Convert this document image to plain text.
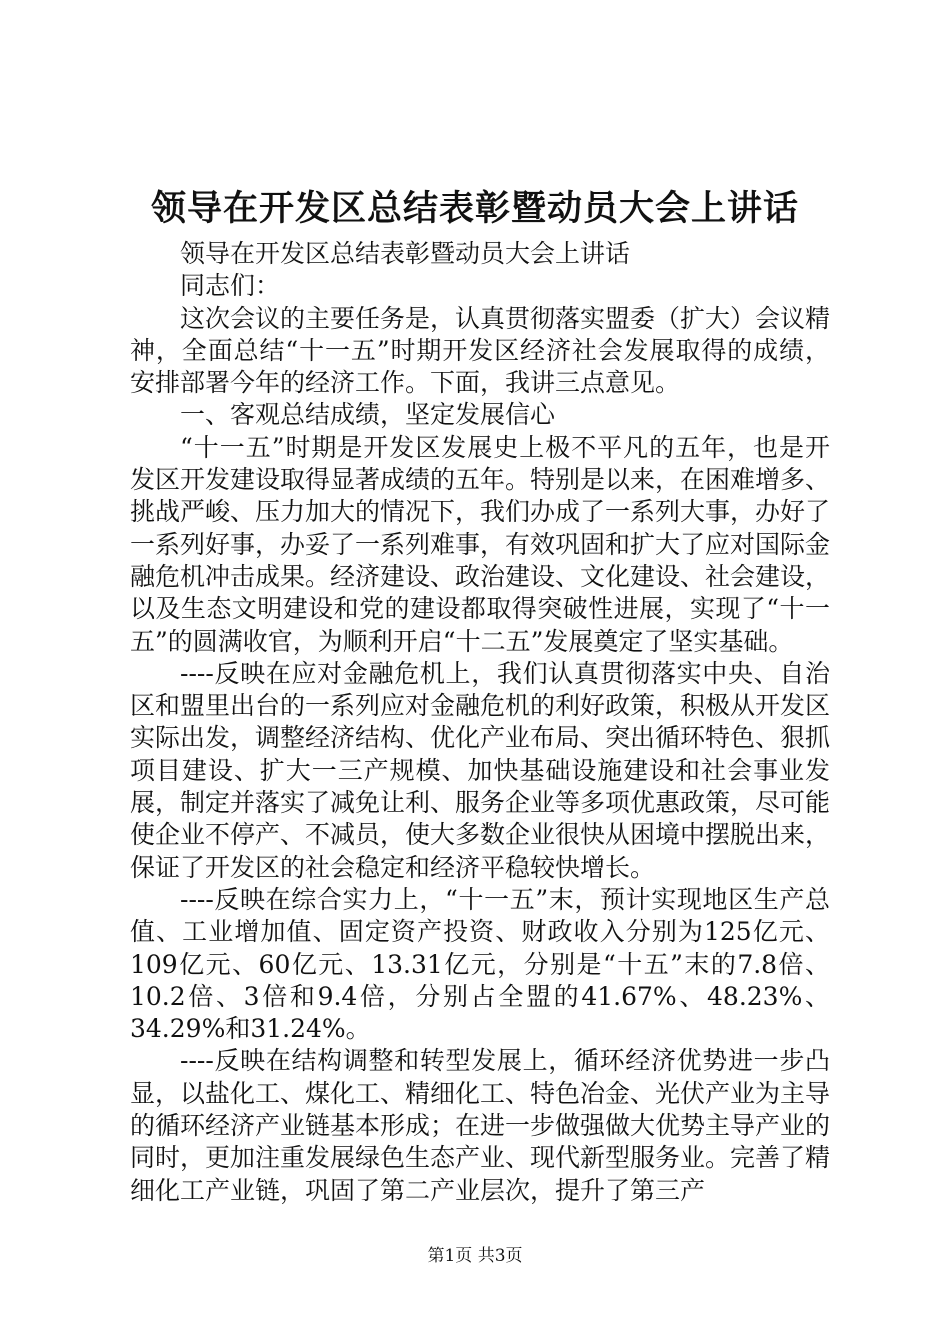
领导在开发区总结表彰暨动员大会上讲话

领导在开发区总结表彰暨动员大会上讲话

同志们：

这次会议的主要任务是，认真贯彻落实盟委（扩大）会议精神，全面总结“十一五”时期开发区经济社会发展取得的成绩，安排部署今年的经济工作。下面，我讲三点意见。

一、客观总结成绩，坚定发展信心

“十一五”时期是开发区发展史上极不平凡的五年，也是开发区开发建设取得显著成绩的五年。特别是以来，在困难增多、挑战严峻、压力加大的情况下，我们办成了一系列大事，办好了一系列好事，办妥了一系列难事，有效巩固和扩大了应对国际金融危机冲击成果。经济建设、政治建设、文化建设、社会建设，以及生态文明建设和党的建设都取得突破性进展，实现了“十一五”的圆满收官，为顺利开启“十二五”发展奠定了坚实基础。

----反映在应对金融危机上，我们认真贯彻落实中央、自治区和盟里出台的一系列应对金融危机的利好政策，积极从开发区实际出发，调整经济结构、优化产业布局、突出循环特色、狠抓项目建设、扩大一三产规模、加快基础设施建设和社会事业发展，制定并落实了减免让利、服务企业等多项优惠政策，尽可能使企业不停产、不减员，使大多数企业很快从困境中摆脱出来，保证了开发区的社会稳定和经济平稳较快增长。

----反映在综合实力上，“十一五”末，预计实现地区生产总值、工业增加值、固定资产投资、财政收入分别为125亿元、109亿元、60亿元、13.31亿元，分别是“十五”末的7.8倍、10.2倍、3倍和9.4倍，分别占全盟的41.67%、48.23%、34.29%和31.24%。

----反映在结构调整和转型发展上，循环经济优势进一步凸显，以盐化工、煤化工、精细化工、特色冶金、光伏产业为主导的循环经济产业链基本形成；在进一步做强做大优势主导产业的同时，更加注重发展绿色生态产业、现代新型服务业。完善了精细化工产业链，巩固了第二产业层次，提升了第三产

第1页 共3页
